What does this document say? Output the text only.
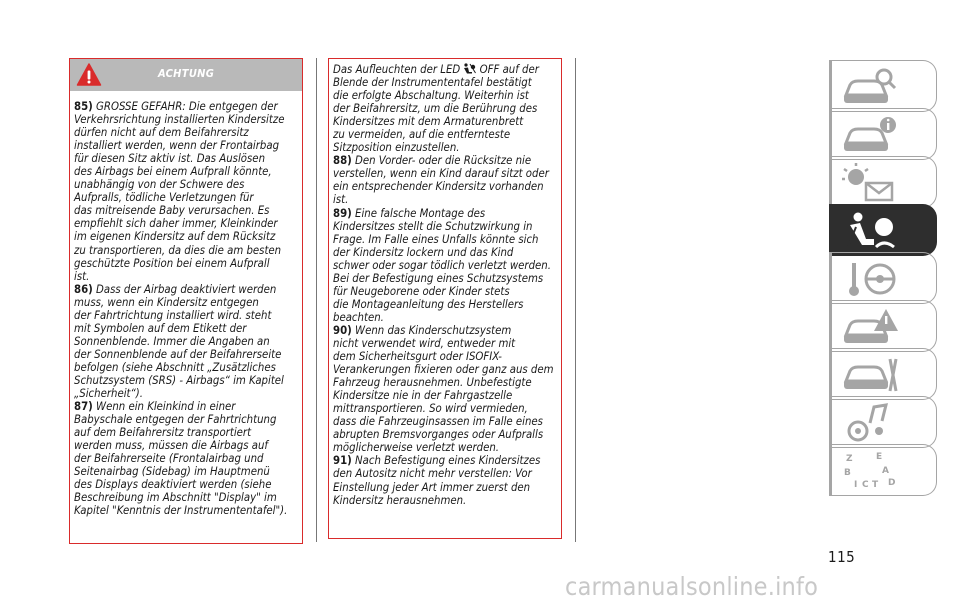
ACHTUNG
85) GROSSE GEFAHR: Die entgegen der
Verkehrsrichtung installierten Kindersitze
dürfen nicht auf dem Beifahrersitz
installiert werden, wenn der Frontairbag
für diesen Sitz aktiv ist. Das Auslösen
des Airbags bei einem Aufprall könnte,
unabhängig von der Schwere des
Aufpralls, tödliche Verletzungen für
das mitreisende Baby verursachen. Es
empfiehlt sich daher immer, Kleinkinder
im eigenen Kindersitz auf dem Rücksitz
zu transportieren, da dies die am besten
geschützte Position bei einem Aufprall
ist.
86) Dass der Airbag deaktiviert werden
muss, wenn ein Kindersitz entgegen
der Fahrtrichtung installiert wird. steht
mit Symbolen auf dem Etikett der
Sonnenblende. Immer die Angaben an
der Sonnenblende auf der Beifahrerseite
befolgen (siehe Abschnitt „Zusätzliches
Schutzsystem (SRS) - Airbags“ im Kapitel
„Sicherheit“).
87) Wenn ein Kleinkind in einer
Babyschale entgegen der Fahrtrichtung
auf dem Beifahrersitz transportiert
werden muss, müssen die Airbags auf
der Beifahrerseite (Frontalairbag und
Seitenairbag (Sidebag) im Hauptmenü
des Displays deaktiviert werden (siehe
Beschreibung im Abschnitt "Display" im
Kapitel "Kenntnis der Instrumententafel").
Das Aufleuchten der LED  OFF auf der
Blende der Instrumententafel bestätigt
die erfolgte Abschaltung. Weiterhin ist
der Beifahrersitz, um die Berührung des
Kindersitzes mit dem Armaturenbrett
zu vermeiden, auf die entfernteste
Sitzposition einzustellen.
88) Den Vorder- oder die Rücksitze nie
verstellen, wenn ein Kind darauf sitzt oder
ein entsprechender Kindersitz vorhanden
ist.
89) Eine falsche Montage des
Kindersitzes stellt die Schutzwirkung in
Frage. Im Falle eines Unfalls könnte sich
der Kindersitz lockern und das Kind
schwer oder sogar tödlich verletzt werden.
Bei der Befestigung eines Schutzsystems
für Neugeborene oder Kinder stets
die Montageanleitung des Herstellers
beachten.
90) Wenn das Kinderschutzsystem
nicht verwendet wird, entweder mit
dem Sicherheitsgurt oder ISOFIX-
Verankerungen fixieren oder ganz aus dem
Fahrzeug herausnehmen. Unbefestigte
Kindersitze nie in der Fahrgastzelle
mittransportieren. So wird vermieden,
dass die Fahrzeuginsassen im Falle eines
abrupten Bremsvorganges oder Aufpralls
möglicherweise verletzt werden.
91) Nach Befestigung eines Kindersitzes
den Autositz nicht mehr verstellen: Vor
Einstellung jeder Art immer zuerst den
Kindersitz herausnehmen.
Z	E
B	A
I C T D
115
carmanualsonline.info
